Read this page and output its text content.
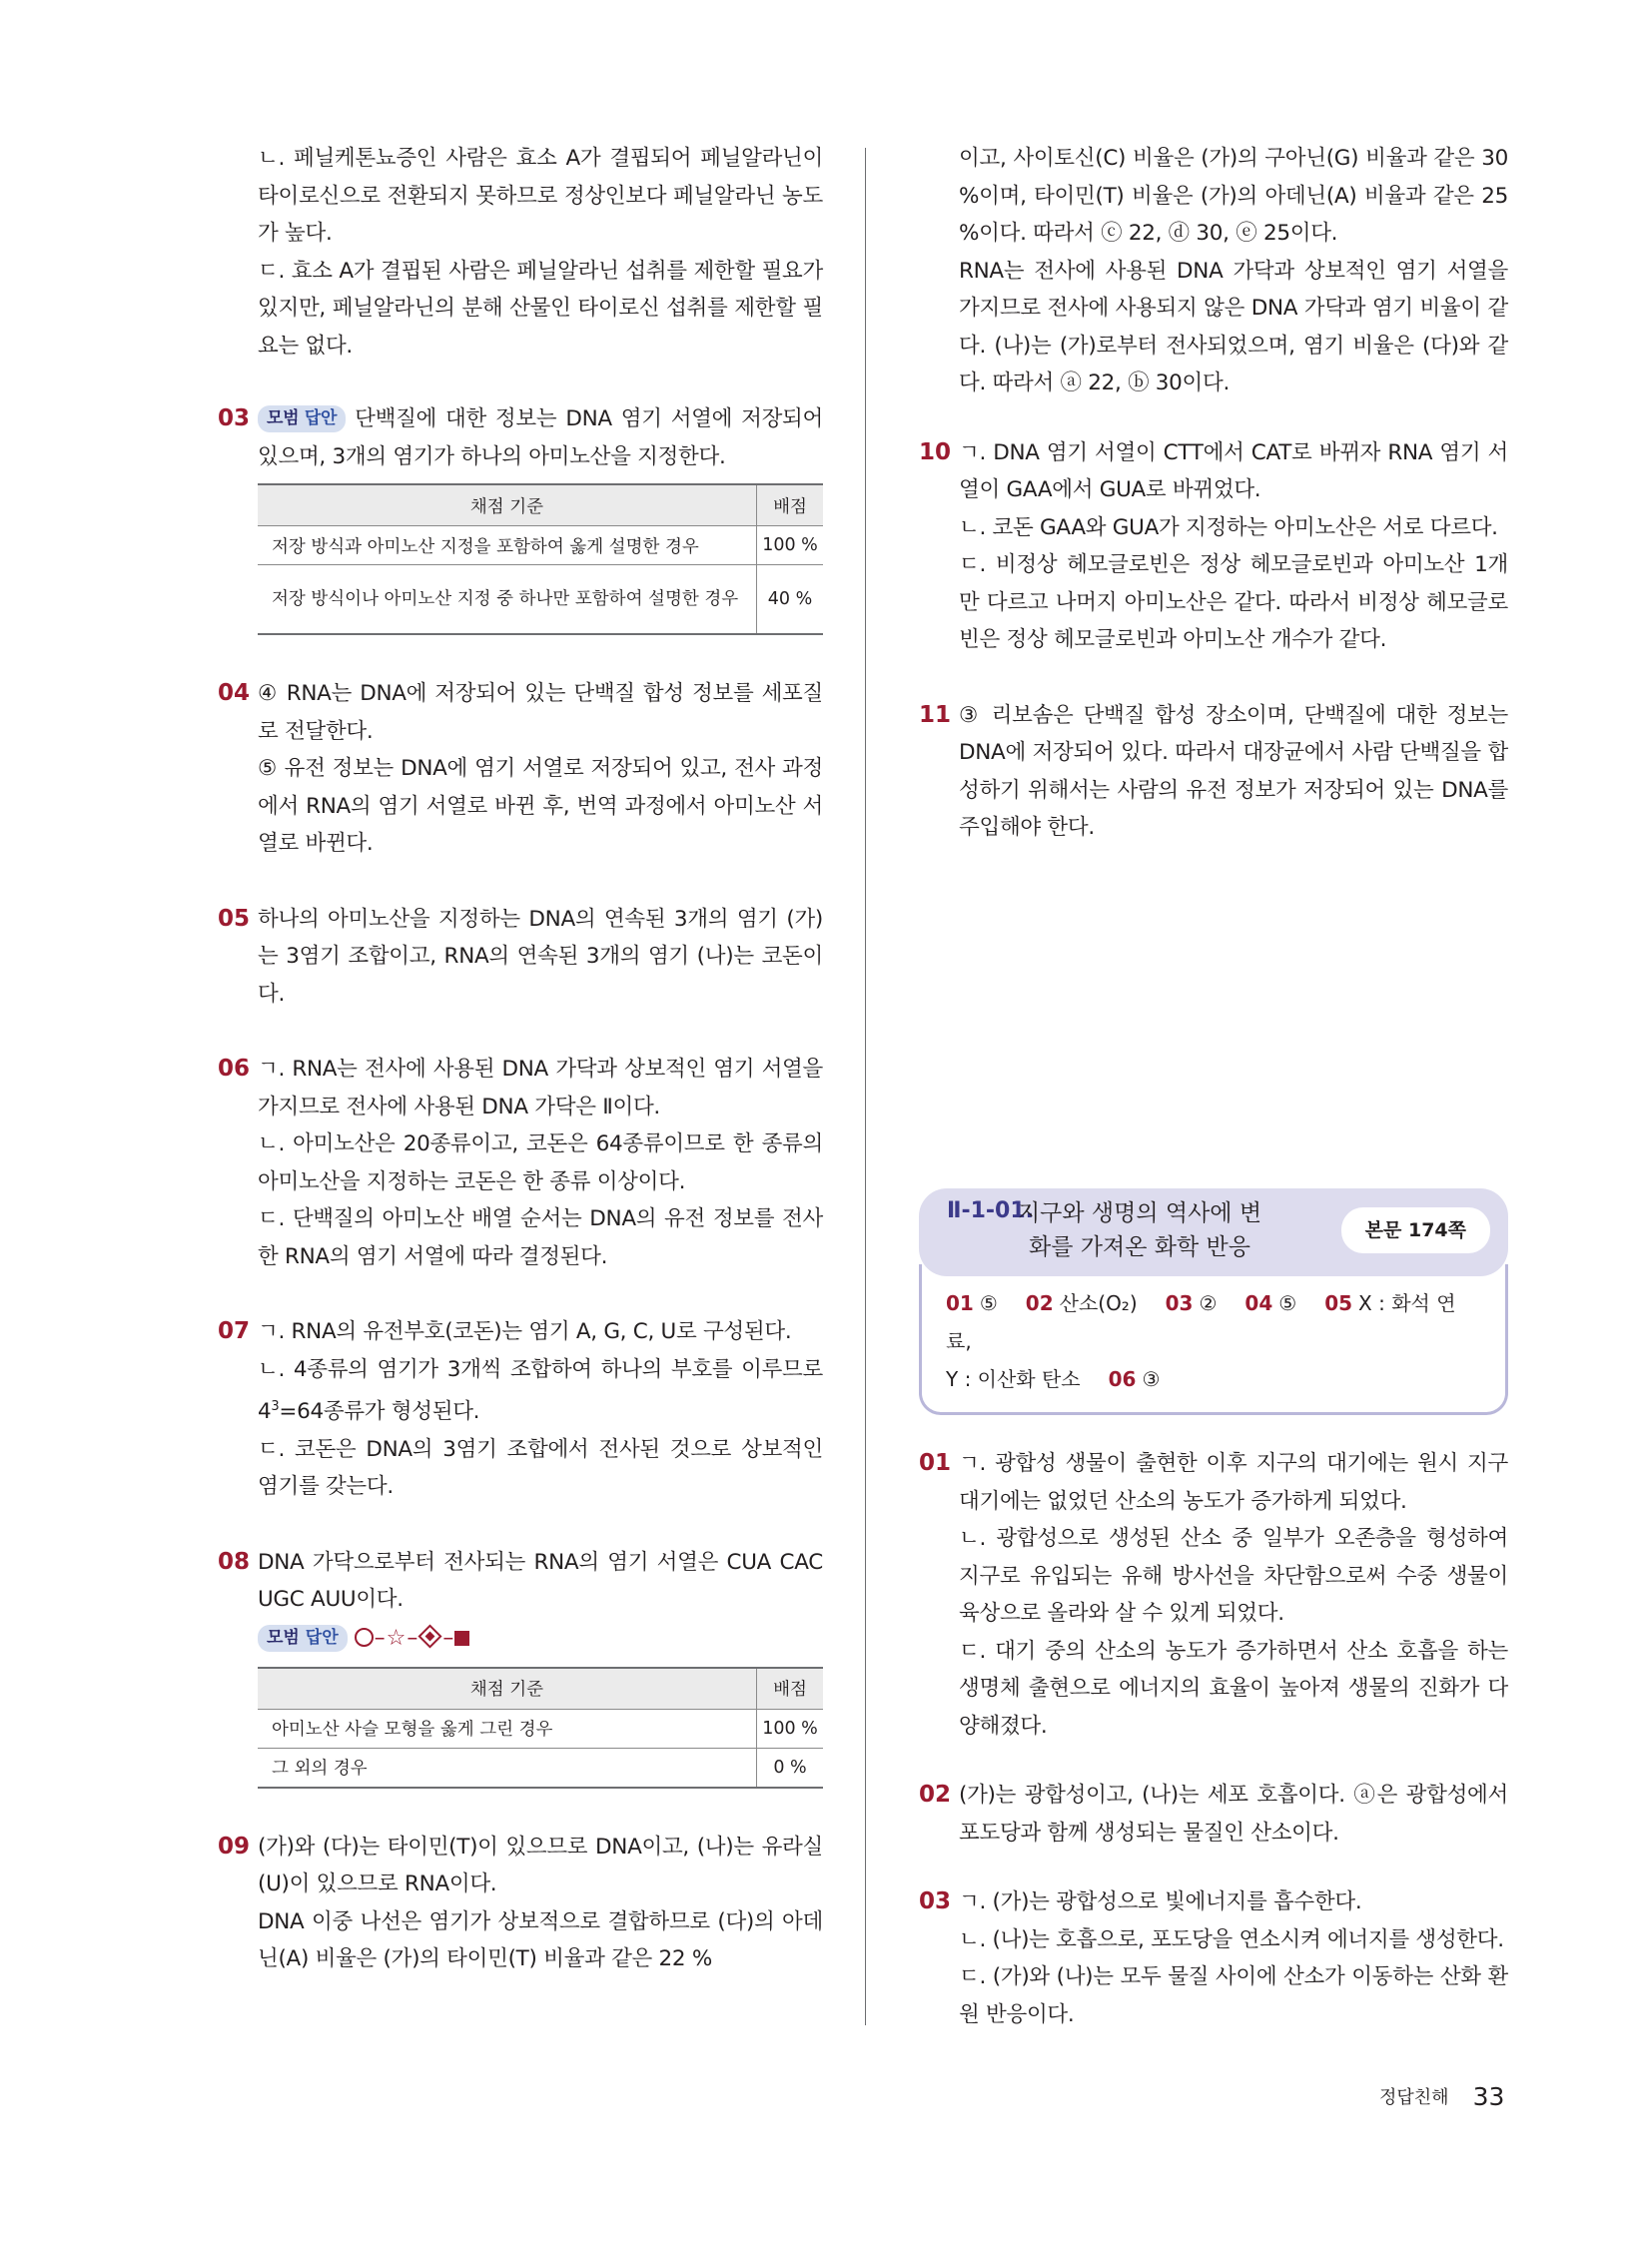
ㄴ. 페닐케톤뇨증인 사람은 효소 A가 결핍되어 페닐알라닌이 타이로신으로 전환되지 못하므로 정상인보다 페닐알라닌 농도가 높다.

ㄷ. 효소 A가 결핍된 사람은 페닐알라닌 섭취를 제한할 필요가 있지만, 페닐알라닌의 분해 산물인 타이로신 섭취를 제한할 필요는 없다.

03 모범 답안 단백질에 대한 정보는 DNA 염기 서열에 저장되어 있으며, 3개의 염기가 하나의 아미노산을 지정한다.

채점 기준	배점
저장 방식과 아미노산 지정을 포함하여 옳게 설명한 경우	100 %
저장 방식이나 아미노산 지정 중 하나만 포함하여 설명한 경우	40 %
04 ④ RNA는 DNA에 저장되어 있는 단백질 합성 정보를 세포질로 전달한다.

⑤ 유전 정보는 DNA에 염기 서열로 저장되어 있고, 전사 과정에서 RNA의 염기 서열로 바뀐 후, 번역 과정에서 아미노산 서열로 바뀐다.

05 하나의 아미노산을 지정하는 DNA의 연속된 3개의 염기 (가)는 3염기 조합이고, RNA의 연속된 3개의 염기 (나)는 코돈이다.

06 ㄱ. RNA는 전사에 사용된 DNA 가닥과 상보적인 염기 서열을 가지므로 전사에 사용된 DNA 가닥은 Ⅱ이다.

ㄴ. 아미노산은 20종류이고, 코돈은 64종류이므로 한 종류의 아미노산을 지정하는 코돈은 한 종류 이상이다.

ㄷ. 단백질의 아미노산 배열 순서는 DNA의 유전 정보를 전사한 RNA의 염기 서열에 따라 결정된다.

07 ㄱ. RNA의 유전부호(코돈)는 염기 A, G, C, U로 구성된다.

ㄴ. 4종류의 염기가 3개씩 조합하여 하나의 부호를 이루므로 $4^3=64$종류가 형성된다.

ㄷ. 코돈은 DNA의 3염기 조합에서 전사된 것으로 상보적인 염기를 갖는다.

08 DNA 가닥으로부터 전사되는 RNA의 염기 서열은 CUA CAC UGC AUU이다.

모범 답안 –☆– –
채점 기준	배점
아미노산 사슬 모형을 옳게 그린 경우	100 %
그 외의 경우	0 %
09 (가)와 (다)는 타이민(T)이 있으므로 DNA이고, (나)는 유라실(U)이 있으므로 RNA이다.

DNA 이중 나선은 염기가 상보적으로 결합하므로 (다)의 아데닌(A) 비율은 (가)의 타이민(T) 비율과 같은 22 %

이고, 사이토신(C) 비율은 (가)의 구아닌(G) 비율과 같은 30 %이며, 타이민(T) 비율은 (가)의 아데닌(A) 비율과 같은 25 %이다. 따라서 ⓒ 22, ⓓ 30, ⓔ 25이다.

RNA는 전사에 사용된 DNA 가닥과 상보적인 염기 서열을 가지므로 전사에 사용되지 않은 DNA 가닥과 염기 비율이 같다. (나)는 (가)로부터 전사되었으며, 염기 비율은 (다)와 같다. 따라서 ⓐ 22, ⓑ 30이다.

10 ㄱ. DNA 염기 서열이 CTT에서 CAT로 바뀌자 RNA 염기 서열이 GAA에서 GUA로 바뀌었다.

ㄴ. 코돈 GAA와 GUA가 지정하는 아미노산은 서로 다르다.

ㄷ. 비정상 헤모글로빈은 정상 헤모글로빈과 아미노산 1개만 다르고 나머지 아미노산은 같다. 따라서 비정상 헤모글로빈은 정상 헤모글로빈과 아미노산 개수가 같다.

11 ③ 리보솜은 단백질 합성 장소이며, 단백질에 대한 정보는 DNA에 저장되어 있다. 따라서 대장균에서 사람 단백질을 합성하기 위해서는 사람의 유전 정보가 저장되어 있는 DNA를 주입해야 한다.

Ⅱ-1-01.
지구와 생명의 역사에 변화를 가져온 화학 반응
본문 174쪽
01 ⑤ 02 산소(O₂) 03 ② 04 ⑤ 05 X : 화석 연료,
Y : 이산화 탄소 06 ③
01 ㄱ. 광합성 생물이 출현한 이후 지구의 대기에는 원시 지구 대기에는 없었던 산소의 농도가 증가하게 되었다.

ㄴ. 광합성으로 생성된 산소 중 일부가 오존층을 형성하여 지구로 유입되는 유해 방사선을 차단함으로써 수중 생물이 육상으로 올라와 살 수 있게 되었다.

ㄷ. 대기 중의 산소의 농도가 증가하면서 산소 호흡을 하는 생명체 출현으로 에너지의 효율이 높아져 생물의 진화가 다양해졌다.

02 (가)는 광합성이고, (나)는 세포 호흡이다. ⓐ은 광합성에서 포도당과 함께 생성되는 물질인 산소이다.

03 ㄱ. (가)는 광합성으로 빛에너지를 흡수한다.

ㄴ. (나)는 호흡으로, 포도당을 연소시켜 에너지를 생성한다.

ㄷ. (가)와 (나)는 모두 물질 사이에 산소가 이동하는 산화 환원 반응이다.

정답친해 33
